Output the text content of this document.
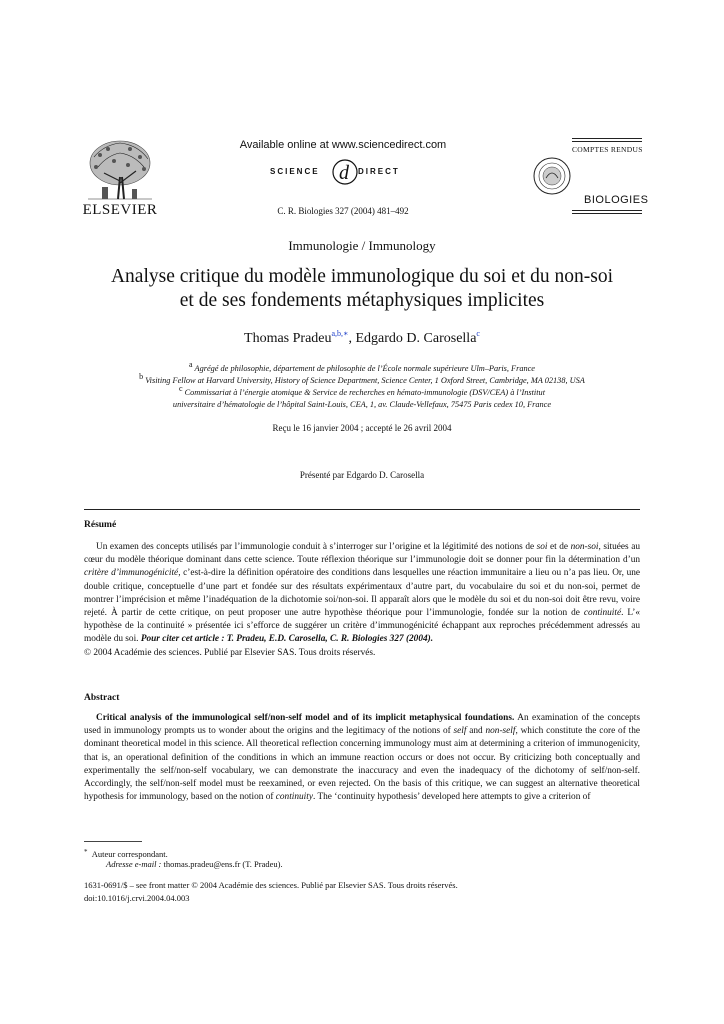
ELSEVIER
Available online at www.sciencedirect.com
SCIENCE d DIRECT
C. R. Biologies 327 (2004) 481–492
COMPTES RENDUS
BIOLOGIES
Immunologie / Immunology
Analyse critique du modèle immunologique du soi et du non-soi
et de ses fondements métaphysiques implicites
Thomas Pradeu$^{a,b,∗}$, Edgardo D. Carosella$^c$
$^a$ Agrégé de philosophie, département de philosophie de l’École normale supérieure Ulm–Paris, France
$^b$ Visiting Fellow at Harvard University, History of Science Department, Science Center, 1 Oxford Street, Cambridge, MA 02138, USA
$^c$ Commissariat à l’énergie atomique & Service de recherches en hémato-immunologie (DSV/CEA) à l’Institut
universitaire d’hématologie de l’hôpital Saint-Louis, CEA, 1, av. Claude-Vellefaux, 75475 Paris cedex 10, France
Reçu le 16 janvier 2004 ; accepté le 26 avril 2004
Présenté par Edgardo D. Carosella
Résumé

Un examen des concepts utilisés par l’immunologie conduit à s’interroger sur l’origine et la légitimité des notions de soi et de non-soi, situées au cœur du modèle théorique dominant dans cette science. Toute réflexion théorique sur l’immunologie doit se donner pour fin la détermination d’un critère d’immunogénicité, c’est-à-dire la définition opératoire des conditions dans lesquelles une réaction immunitaire a lieu ou n’a pas lieu. Or, une double critique, conceptuelle d’une part et fondée sur des résultats expérimentaux d’autre part, du vocabulaire du soi et du non-soi, permet de montrer l’imprécision et même l’inadéquation de la dichotomie soi/non-soi. Il apparaît alors que le modèle du soi et du non-soi doit être revu, voire rejeté. À partir de cette critique, on peut proposer une autre hypothèse théorique pour l’immunologie, fondée sur la notion de continuité. L’« hypothèse de la continuité » présentée ici s’efforce de suggérer un critère d’immunogénicité échappant aux reproches précédemment adressés au modèle du soi. Pour citer cet article : T. Pradeu, E.D. Carosella, C. R. Biologies 327 (2004).

© 2004 Académie des sciences. Publié par Elsevier SAS. Tous droits réservés.

Abstract

Critical analysis of the immunological self/non-self model and of its implicit metaphysical foundations. An examination of the concepts used in immunology prompts us to wonder about the origins and the legitimacy of the notions of self and non-self, which constitute the core of the dominant theoretical model in this science. All theoretical reflection concerning immunology must aim at determining a criterion of immunogenicity, that is, an operational definition of the conditions in which an immune reaction occurs or does not occur. By criticizing both conceptually and experimentally the self/non-self vocabulary, we can demonstrate the inaccuracy and even the inadequacy of the dichotomy of self/non-self. Accordingly, the self/non-self model must be reexamined, or even rejected. On the basis of this critique, we can suggest an alternative theoretical hypothesis for immunology, based on the notion of continuity. The ‘continuity hypothesis’ developed here attempts to give a criterion of

* Auteur correspondant.
Adresse e-mail : thomas.pradeu@ens.fr (T. Pradeu).
1631-0691/$ – see front matter © 2004 Académie des sciences. Publié par Elsevier SAS. Tous droits réservés.
doi:10.1016/j.crvi.2004.04.003
